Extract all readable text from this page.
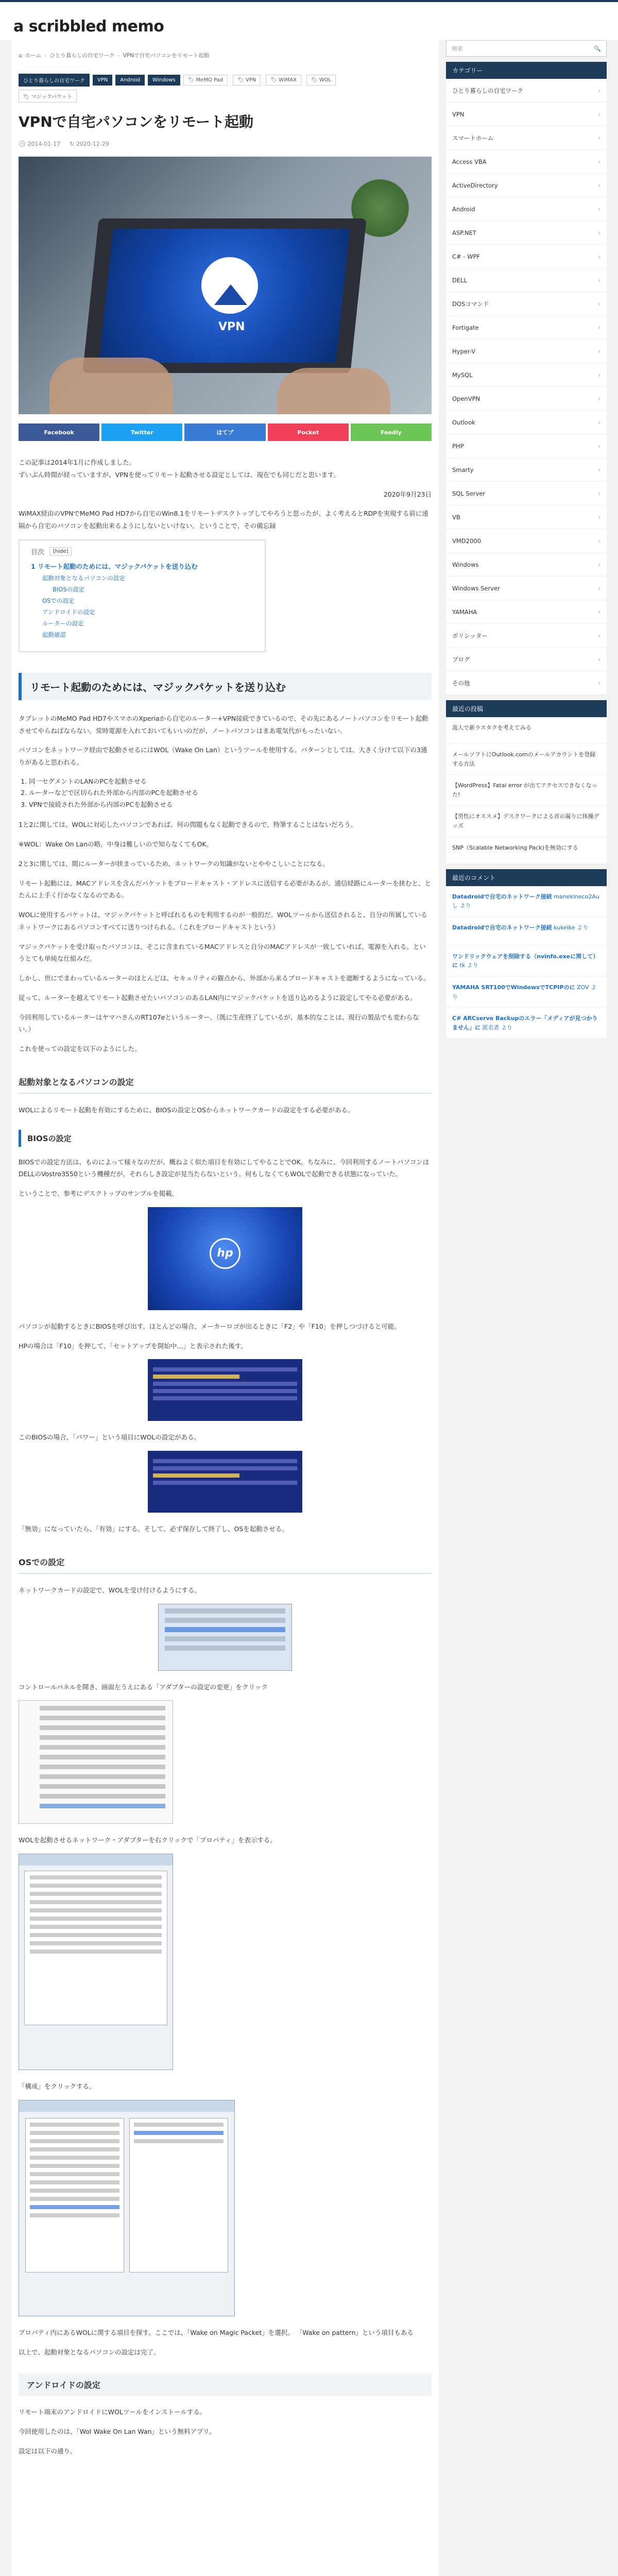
a scribbled memo
⌂ ホーム › ひとり暮らしの自宅ワーク › VPNで自宅パソコンをリモート起動
ひとり暮らしの自宅ワーク	VPN	Android	Windows	🏷 MeMO Pad	🏷 VPN	🏷 WiMAX	🏷 WOL
🏷 マジックパケット
VPNで自宅パソコンをリモート起動
🕒 2014-01-17 ↻ 2020-12-29
VPN
Facebook	Twitter	はてブ	Pocket	Feedly

この記事は2014年1月に作成しました。
ずいぶん時間が経っていますが、VPNを使ってリモート起動させる設定としては、現在でも同じだと思います。

2020年9月23日

WiMAX経由のVPNでMeMO Pad HD7から自宅のWin8.1をリモートデスクトップしてやろうと思ったが、よく考えるとRDPを実現する前に遠隔から自宅のパソコンを起動出来るようにしないといけない。ということで、その備忘録

目次	[hide]
1 リモート起動のためには、マジックパケットを送り込む
起動対象となるパソコンの設定
BIOSの設定
OSでの設定
アンドロイドの設定
ルーターの設定
起動確認
リモート起動のためには、マジックパケットを送り込む

タブレットのMeMO Pad HD7やスマホのXperiaから自宅のルーター+VPN接続できているので、その先にあるノートパソコンをリモート起動させてやらねばならない。常時電源を入れておいてもいいのだが、ノートパソコンはまあ電気代がもったいない。

パソコンをネットワーク経由で起動させるにはWOL（Wake On Lan）というツールを使用する。パターンとしては、大きく分けて以下の3通りがあると思われる。

1. 同一セグメントのLANのPCを起動させる
2. ルーターなどで区切られた外部から内部のPCを起動させる
3. VPNで接続された外部から内部のPCを起動させる

1と2に関しては、WOLに対応したパソコンであれば、何の問題もなく起動できるので、特筆することはないだろう。

※WOL：Wake On Lanの略。中身は難しいので知らなくてもOK。

2と3に関しては、間にルーターが挟まっているため、ネットワークの知識がないとややこしいことになる。

リモート起動には、MACアドレスを含んだパケットをブロードキャスト・アドレスに送信する必要があるが、通信経路にルーターを挟むと、とたんに上手く行かなくなるのである。

WOLに使用するパケットは、マジックパケットと呼ばれるものを利用するのが一般的だ。WOLツールから送信されると、自分の所属しているネットワークにあるパソコンすべてに送りつけられる。（これをブロードキャストという）

マジックパケットを受け取ったパソコンは、そこに含まれているMACアドレスと自分のMACアドレスが一致していれば、電源を入れる。というとても単純な仕組みだ。

しかし、世にでまわっているルーターのほとんどは、セキュリティの観点から、外部から来るブロードキャストを遮断するようになっている。

従って、ルーターを越えてリモート起動させたいパソコンのあるLAN内にマジックパケットを送り込めるように設定してやる必要がある。

今回利用しているルーターはヤマハさんのRT107eというルーター。（既に生産終了しているが、基本的なことは、現行の製品でも変わらない。）

これを使っての設定を以下のようにした。

起動対象となるパソコンの設定

WOLによるリモート起動を有効にするために、BIOSの設定とOSからネットワークカードの設定をする必要がある。

BIOSの設定

BIOSでの設定方法は、ものによって様々なのだが、概ねよく似た項目を有効にしてやることでOK。ちなみに、今回利用するノートパソコンはDELLのVostro3550という機種だが、それらしき設定が見当たらないという。何もしなくてもWOLで起動できる状態になっていた。

ということで、参考にデスクトップのサンプルを掲載。

hp

パソコンが起動するときにBIOSを呼び出す。ほとんどの場合、メーカーロゴが出るときに「F2」や「F10」を押しつづけると可能。

HPの場合は「F10」を押して、「セットアップを開始中…」と表示された後す。

このBIOSの場合、「パワー」という項目にWOLの設定がある。

「無効」になっていたら、「有効」にする。そして、必ず保存して終了し、OSを起動させる。

OSでの設定

ネットワークカードの設定で、WOLを受け付けるようにする。

コントロールパネルを開き、画面左うえにある「アダプターの設定の変更」をクリック

WOLを起動させるネットワーク・アダプターを右クリックで「プロパティ」を表示する。

「構成」をクリックする。

プロパティ内にあるWOLに関する項目を探す。ここでは、「Wake on Magic Packet」を選択。 「Wake on pattern」という項目もある

以上で、起動対象となるパソコンの設定は完了。

アンドロイドの設定

リモート端末のアンドロイドにWOLツールをインストールする。

今回使用したのは、「Wol Wake On Lan Wan」という無料アプリ。

設定は以下の通り。

検索	🔍
カテゴリー
ひとり暮らしの自宅ワーク	›
VPN	›
スマートホーム	›
Access VBA	›
ActiveDirectory	›
Android	›
ASP.NET	›
C# - WPF	›
DELL	›
DOSコマンド	›
Fortigate	›
Hyper-V	›
MySQL	›
OpenVPN	›
Outlook	›
PHP	›
Smarty	›
SQL Server	›
VB	›
VMD2000	›
Windows	›
Windows Server	›
YAMAHA	›
ポリシッター	›
ブログ	›
その他	›
最近の投稿
流人で新ラスタクを考えてみる
メールソフトにOutlook.comのメールアカウントを登録する方法
【WordPress】Fatal error が出てアクセスできなくなった!
【男性にオススメ】デスクワークによる首の凝りに体操グッズ
SNP（Scalable Networking Pack)を無効にする
最近のコメント
Datadroidで自宅のネットワーク接続 manekineco2Auし より
Datadroidで自宅のネットワーク接続 kukeike より
ワンドリックウェアを削除する（nvinfo.exeに関して） に tk より
YAMAHA SRT100でWindowsでTCPIPのに ZOV より
C# ARCserve Backupのエラー「メディアが見つかりません」に 匿名者 より
